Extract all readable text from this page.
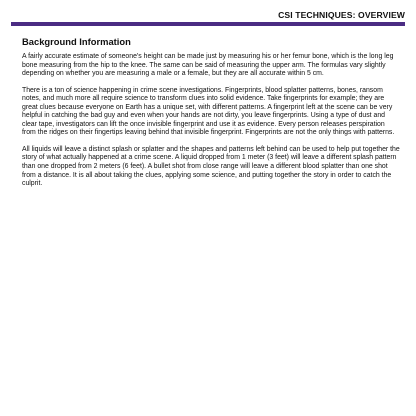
CSI TECHNIQUES: OVERVIEW
Background Information

A fairly accurate estimate of someone’s height can be made just by measuring his or her femur bone, which is the long leg bone measuring from the hip to the knee. The same can be said of measuring the upper arm. The formulas vary slightly depending on whether you are measuring a male or a female, but they are all accurate within 5 cm.

There is a ton of science happening in crime scene investigations. Fingerprints, blood splatter patterns, bones, ransom notes, and much more all require science to transform clues into solid evidence. Take fingerprints for example; they are great clues because everyone on Earth has a unique set, with different patterns. A fingerprint left at the scene can be very helpful in catching the bad guy and even when your hands are not dirty, you leave fingerprints. Using a type of dust and clear tape, investigators can lift the once invisible fingerprint and use it as evidence. Every person releases perspiration from the ridges on their fingertips leaving behind that invisible fingerprint. Fingerprints are not the only things with patterns.

All liquids will leave a distinct splash or splatter and the shapes and patterns left behind can be used to help put together the story of what actually happened at a crime scene. A liquid dropped from 1 meter (3 feet) will leave a different splash pattern than one dropped from 2 meters (6 feet). A bullet shot from close range will leave a different blood splatter than one shot from a distance. It is all about taking the clues, applying some science, and putting together the story in order to catch the culprit.
